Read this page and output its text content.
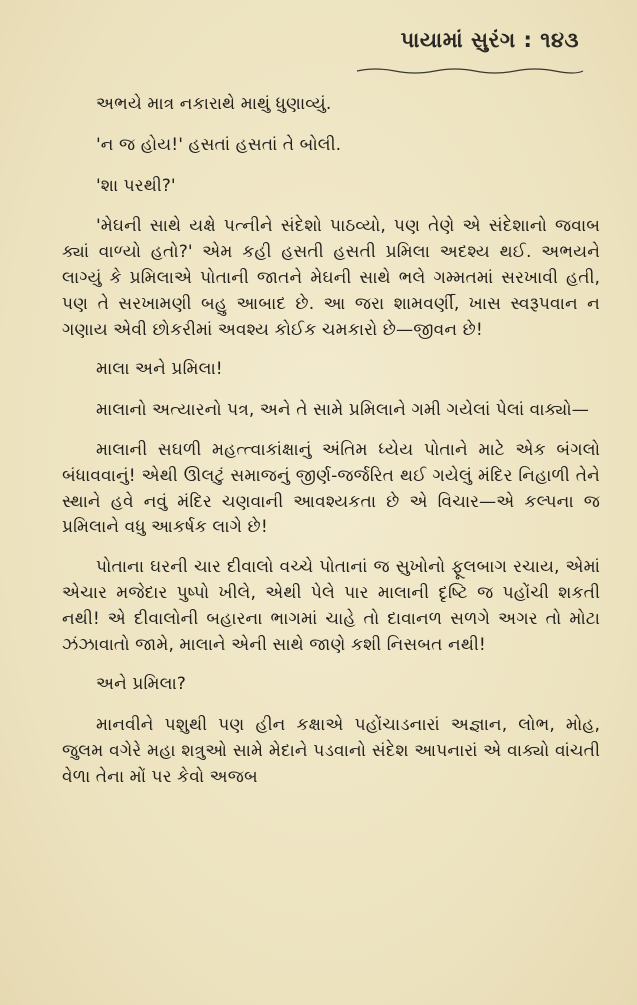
પાયામાં સુરંગ : ૧૪૩

અભયે માત્ર નકારાથે માથું ધુણાવ્યું.

'ન જ હોય!' હસતાં હસતાં તે બોલી.

'શા પરથી?'

'મેઘની સાથે યક્ષે પત્નીને સંદેશો પાઠવ્યો, પણ તેણે એ સંદેશાનો જવાબ ક્યાં વાળ્યો હતો?' એમ કહી હસતી હસતી પ્રમિલા અદશ્ય થઈ. અભયને લાગ્યું કે પ્રમિલાએ પોતાની જાતને મેઘની સાથે ભલે ગમ્મતમાં સરખાવી હતી, પણ તે સરખામણી બહુ આબાદ છે. આ જરા શામવર્ણી, ખાસ સ્વરૂપવાન ન ગણાય એવી છોકરીમાં અવશ્ય કોઈક ચમકારો છે—જીવન છે!

માલા અને પ્રમિલા!

માલાનો અત્યારનો પત્ર, અને તે સામે પ્રમિલાને ગમી ગયેલાં પેલાં વાક્યો—

માલાની સઘળી મહત્ત્વાકાંક્ષાનું અંતિમ ધ્યેય પોતાને માટે એક બંગલો બંધાવવાનું! એથી ઊલટું સમાજનું જીર્ણ-જર્જરિત થઈ ગયેલું મંદિર નિહાળી તેને સ્થાને હવે નવું મંદિર ચણવાની આવશ્યકતા છે એ વિચાર—એ કલ્પના જ પ્રમિલાને વધુ આકર્ષક લાગે છે!

પોતાના ઘરની ચાર દીવાલો વચ્ચે પોતાનાં જ સુખોનો ફૂલબાગ રચાય, એમાં એચાર મજેદાર પુષ્પો ખીલે, એથી પેલે પાર માલાની દૃષ્ટિ જ પહોંચી શકતી નથી! એ દીવાલોની બહારના ભાગમાં ચાહે તો દાવાનળ સળગે અગર તો મોટા ઝંઝાવાતો જામે, માલાને એની સાથે જાણે કશી નિસબત નથી!

અને પ્રમિલા?

માનવીને પશુથી પણ હીન કક્ષાએ પહોંચાડનારાં અજ્ઞાન, લોભ, મોહ, જુલમ વગેરે મહા શત્રુઓ સામે મેદાને પડવાનો સંદેશ આપનારાં એ વાક્યો વાંચતી વેળા તેના મોં પર કેવો અજબ
